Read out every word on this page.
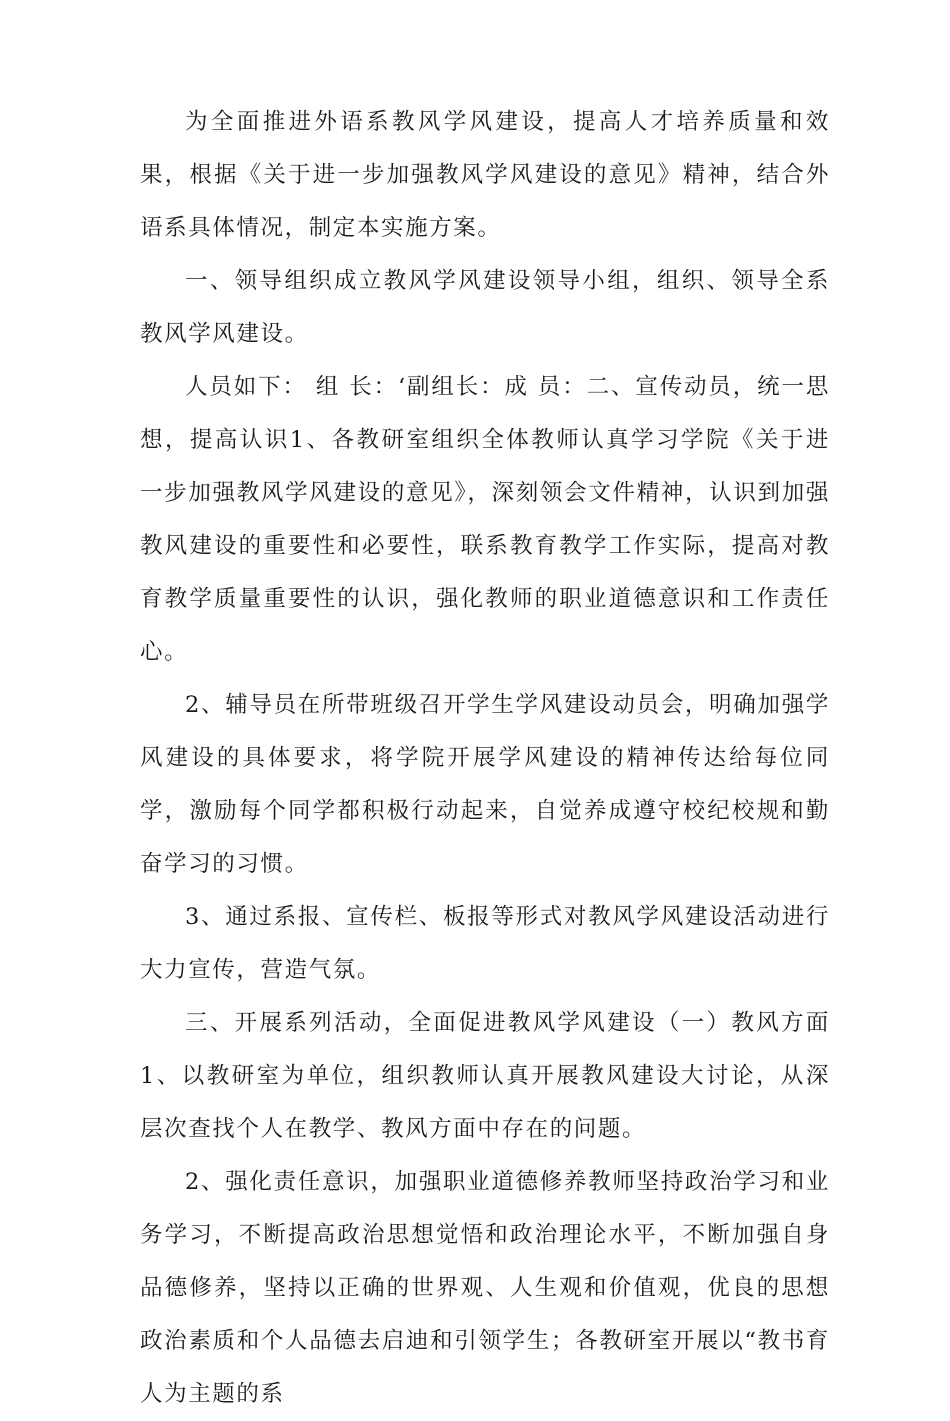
为全面推进外语系教风学风建设，提高人才培养质量和效果，根据《关于进一步加强教风学风建设的意见》精神，结合外语系具体情况，制定本实施方案。

一、领导组织成立教风学风建设领导小组，组织、领导全系教风学风建设。

人员如下： 组 长：‘副组长：成 员：二、宣传动员，统一思想，提高认识1、各教研室组织全体教师认真学习学院《关于进一步加强教风学风建设的意见》，深刻领会文件精神，认识到加强教风建设的重要性和必要性，联系教育教学工作实际，提高对教育教学质量重要性的认识，强化教师的职业道德意识和工作责任心。

2、辅导员在所带班级召开学生学风建设动员会，明确加强学风建设的具体要求，将学院开展学风建设的精神传达给每位同学，激励每个同学都积极行动起来，自觉养成遵守校纪校规和勤奋学习的习惯。

3、通过系报、宣传栏、板报等形式对教风学风建设活动进行大力宣传，营造气氛。

三、开展系列活动，全面促进教风学风建设（一）教风方面 1、以教研室为单位，组织教师认真开展教风建设大讨论，从深层次查找个人在教学、教风方面中存在的问题。

2、强化责任意识，加强职业道德修养教师坚持政治学习和业务学习，不断提高政治思想觉悟和政治理论水平，不断加强自身品德修养，坚持以正确的世界观、人生观和价值观，优良的思想政治素质和个人品德去启迪和引领学生；各教研室开展以“教书育人为主题的系
